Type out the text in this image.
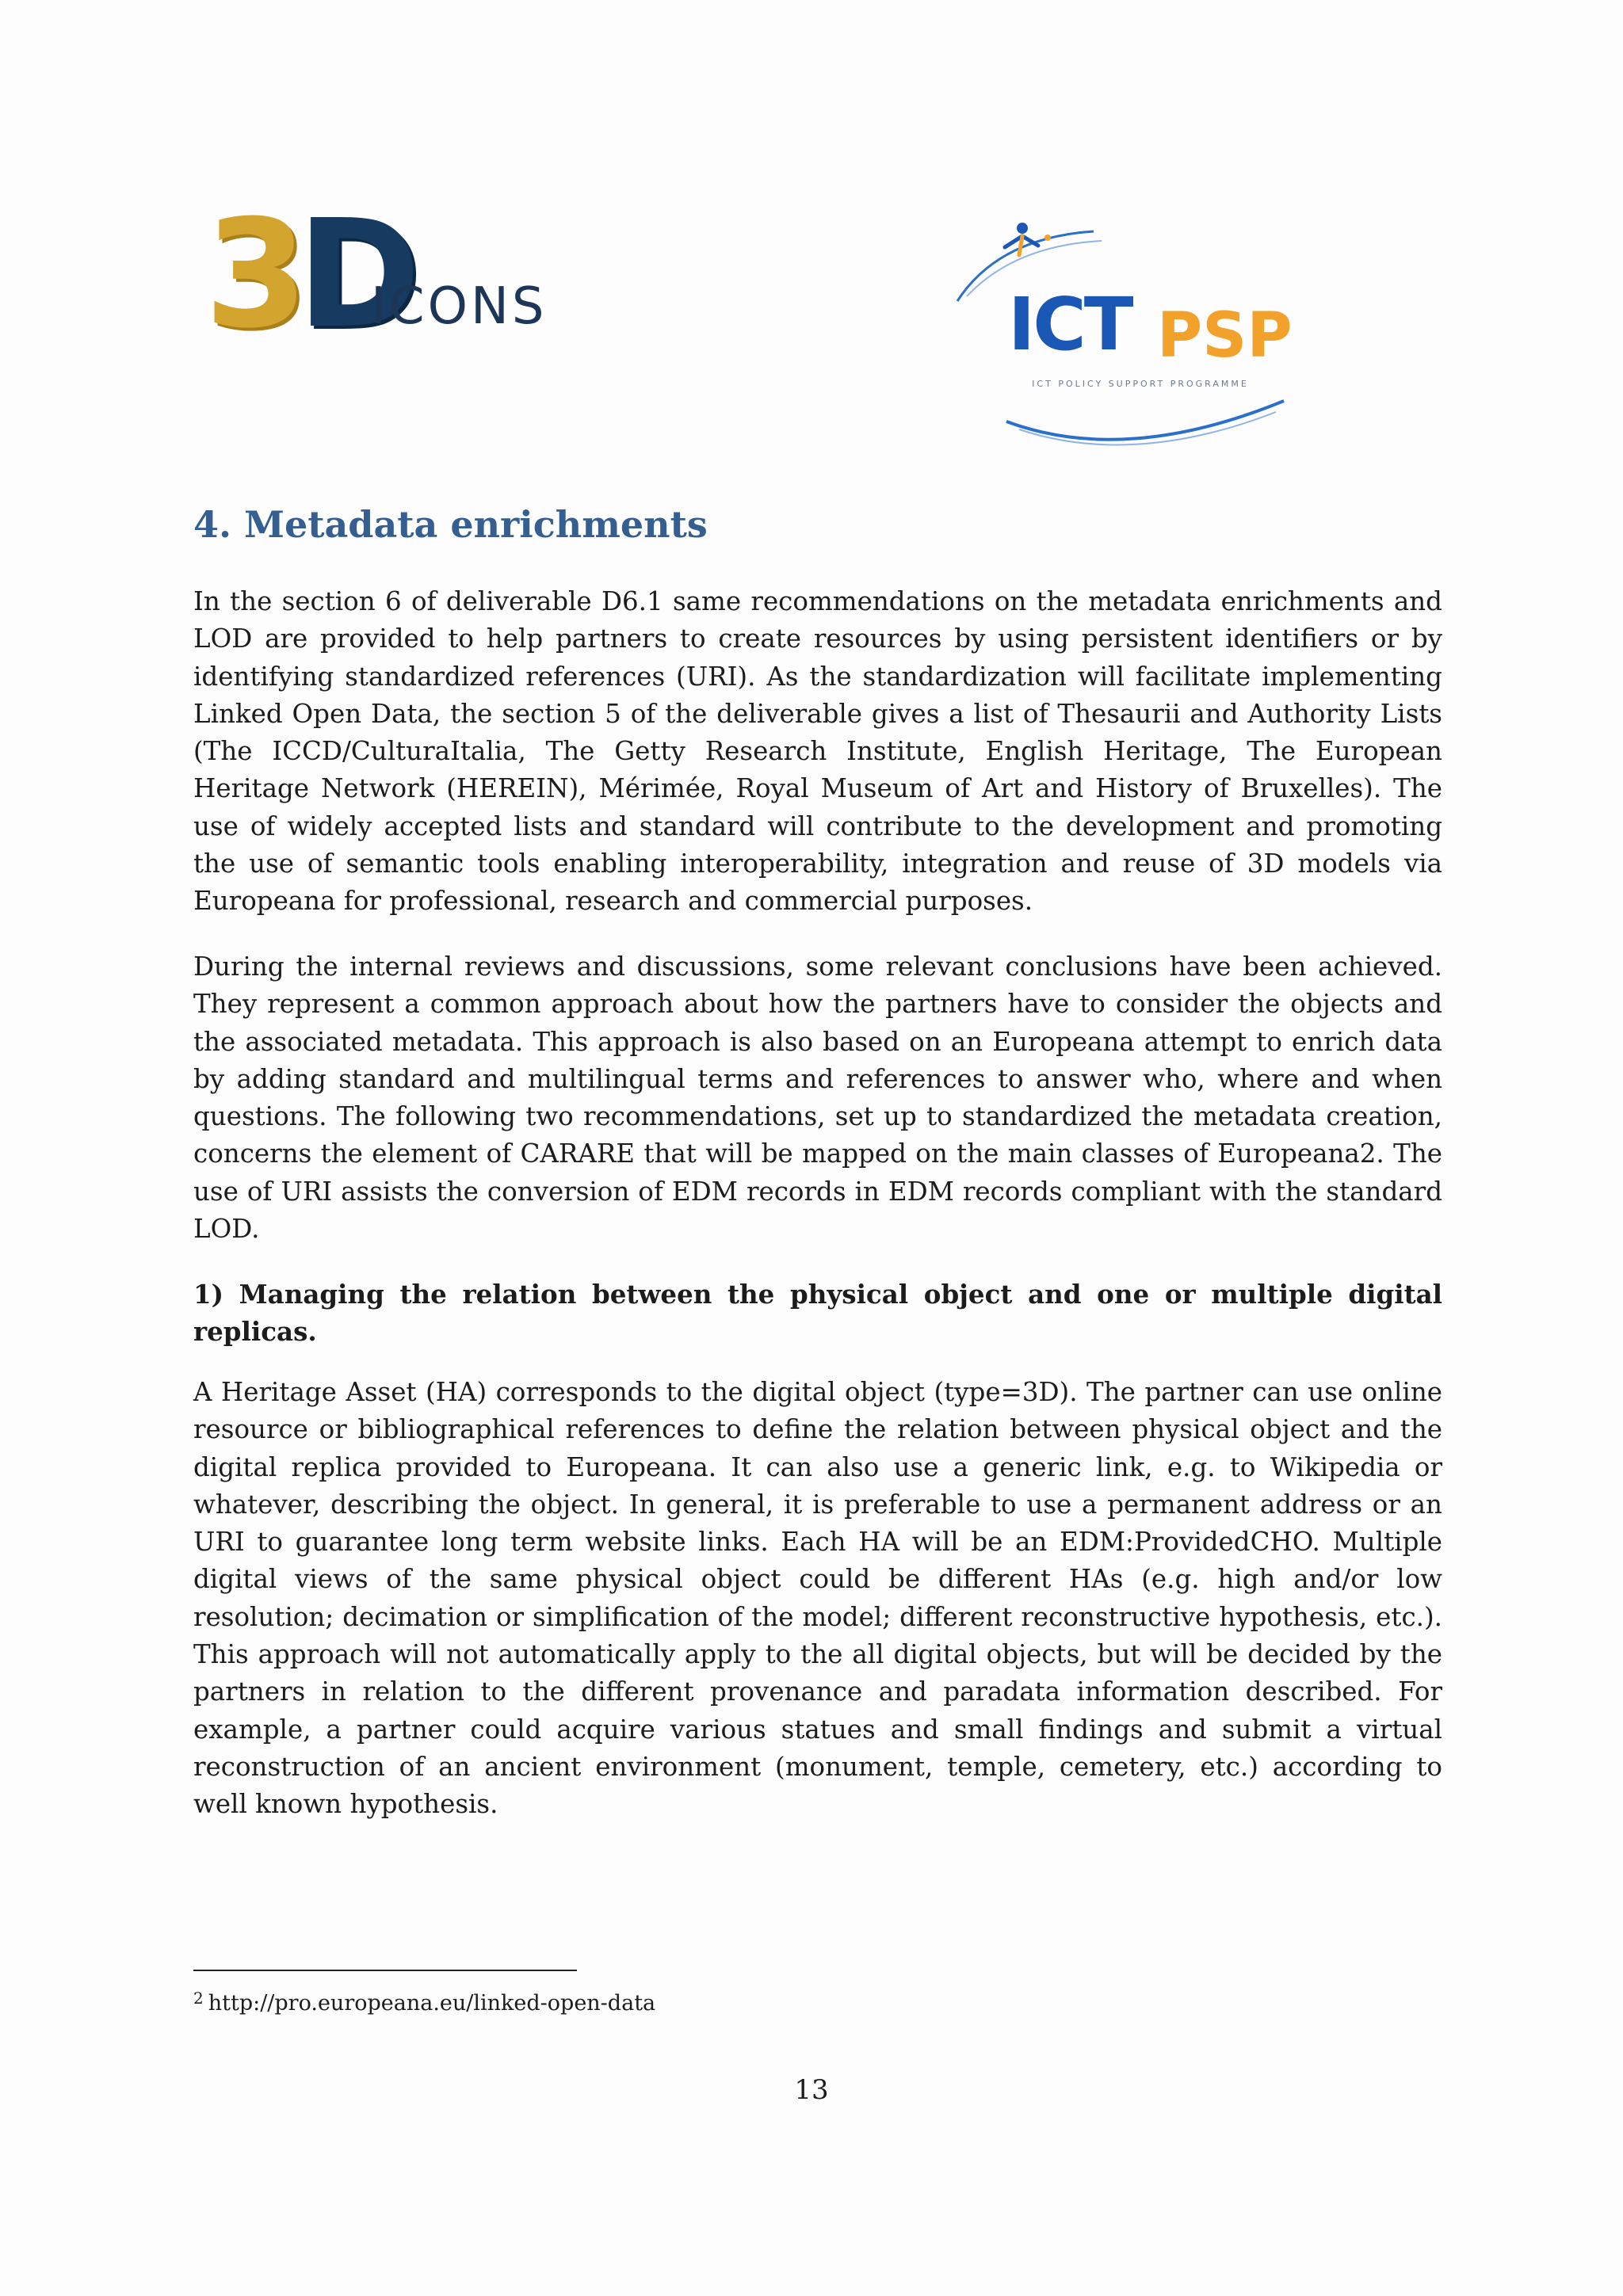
3D
ICONS	ICT PSP
ICT POLICY SUPPORT PROGRAMME
4. Metadata enrichments

In the section 6 of deliverable D6.1 same recommendations on the metadata enrichments and LOD are provided to help partners to create resources by using persistent identifiers or by identifying standardized references (URI). As the standardization will facilitate implementing Linked Open Data, the section 5 of the deliverable gives a list of Thesaurii and Authority Lists (The ICCD/CulturaItalia, The Getty Research Institute, English Heritage, The European Heritage Network (HEREIN), Mérimée, Royal Museum of Art and History of Bruxelles). The use of widely accepted lists and standard will contribute to the development and promoting the use of semantic tools enabling interoperability, integration and reuse of 3D models via Europeana for professional, research and commercial purposes.

During the internal reviews and discussions, some relevant conclusions have been achieved. They represent a common approach about how the partners have to consider the objects and the associated metadata. This approach is also based on an Europeana attempt to enrich data by adding standard and multilingual terms and references to answer who, where and when questions. The following two recommendations, set up to standardized the metadata creation, concerns the element of CARARE that will be mapped on the main classes of Europeana2. The use of URI assists the conversion of EDM records in EDM records compliant with the standard LOD.

1) Managing the relation between the physical object and one or multiple digital replicas.

A Heritage Asset (HA) corresponds to the digital object (type=3D). The partner can use online resource or bibliographical references to define the relation between physical object and the digital replica provided to Europeana. It can also use a generic link, e.g. to Wikipedia or whatever, describing the object. In general, it is preferable to use a permanent address or an URI to guarantee long term website links. Each HA will be an EDM:ProvidedCHO. Multiple digital views of the same physical object could be different HAs (e.g. high and/or low resolution; decimation or simplification of the model; different reconstructive hypothesis, etc.). This approach will not automatically apply to the all digital objects, but will be decided by the partners in relation to the different provenance and paradata information described. For example, a partner could acquire various statues and small findings and submit a virtual reconstruction of an ancient environment (monument, temple, cemetery, etc.) according to well known hypothesis.

$^2$ http://pro.europeana.eu/linked-open-data
13
